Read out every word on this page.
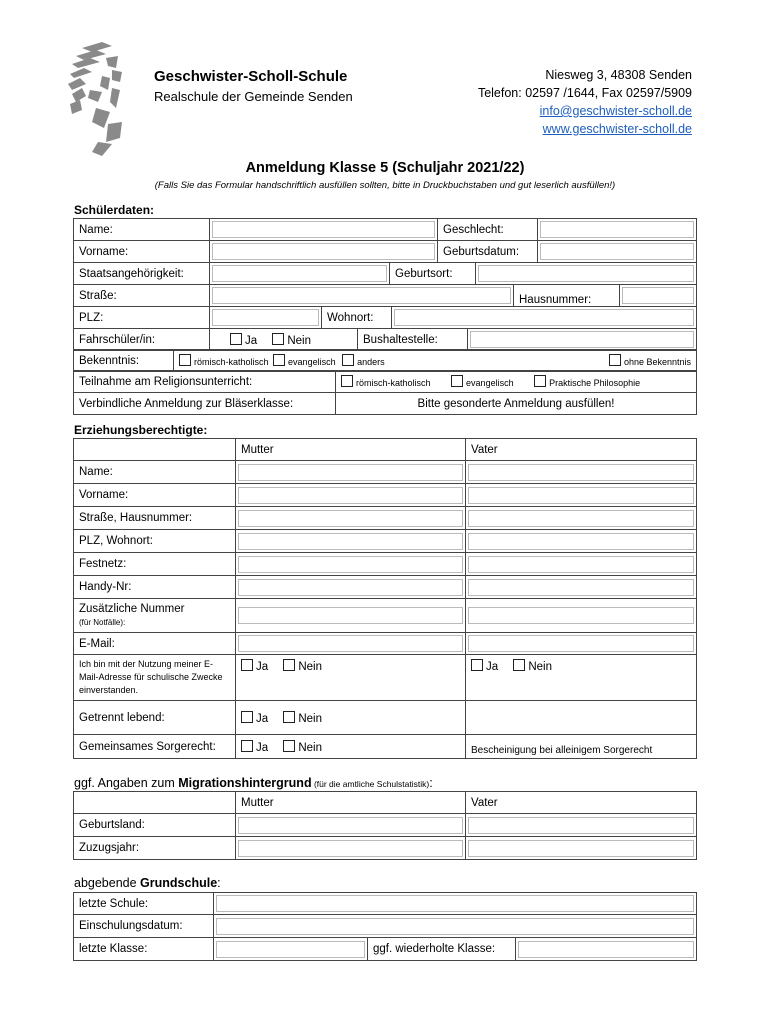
Geschwister-Scholl-Schule
Realschule der Gemeinde Senden
Niesweg 3, 48308 Senden
Telefon: 02597 /1644, Fax 02597/5909
info@geschwister-scholl.de
www.geschwister-scholl.de
Anmeldung Klasse 5 (Schuljahr 2021/22)
(Falls Sie das Formular handschriftlich ausfüllen sollten, bitte in Druckbuchstaben und gut leserlich ausfüllen!)
Schülerdaten:
Name:		Geschlecht:	

Vorname:		Geburtsdatum:	
Staatsangehörigkeit:		Geburtsort:	
Straße:		Hausnummer:	
PLZ:		Wohnort:	
Fahrschüler/in:	Ja	Nein	Bushaltestelle:	
Bekenntnis:	römisch-katholisch evangelisch anders	ohne Bekenntnis
Teilnahme am Religionsunterricht:	römisch-katholisch	evangelisch	Praktische Philosophie
Verbindliche Anmeldung zur Bläserklasse:	Bitte gesonderte Anmeldung ausfüllen!
Erziehungsberechtigte:
	Mutter	Vater
Name:	

Vorname:	

Straße, Hausnummer:	

PLZ, Wohnort:	

Festnetz:	

Handy-Nr:	

Zusätzliche Nummer
(für Notfälle):		

E-Mail:	

Ich bin mit der Nutzung meiner E-Mail-Adresse für schulische Zwecke einverstanden.	Ja Nein	Ja Nein
Getrennt lebend:	Ja Nein	
Gemeinsames Sorgerecht:	Ja Nein	Bescheinigung bei alleinigem Sorgerecht
ggf. Angaben zum Migrationshintergrund (für die amtliche Schulstatistik):
	Mutter	Vater
Geburtsland:	

Zuzugsjahr:	

abgebende Grundschule:
letzte Schule:	

Einschulungsdatum:	
letzte Klasse:		ggf. wiederholte Klasse:	
